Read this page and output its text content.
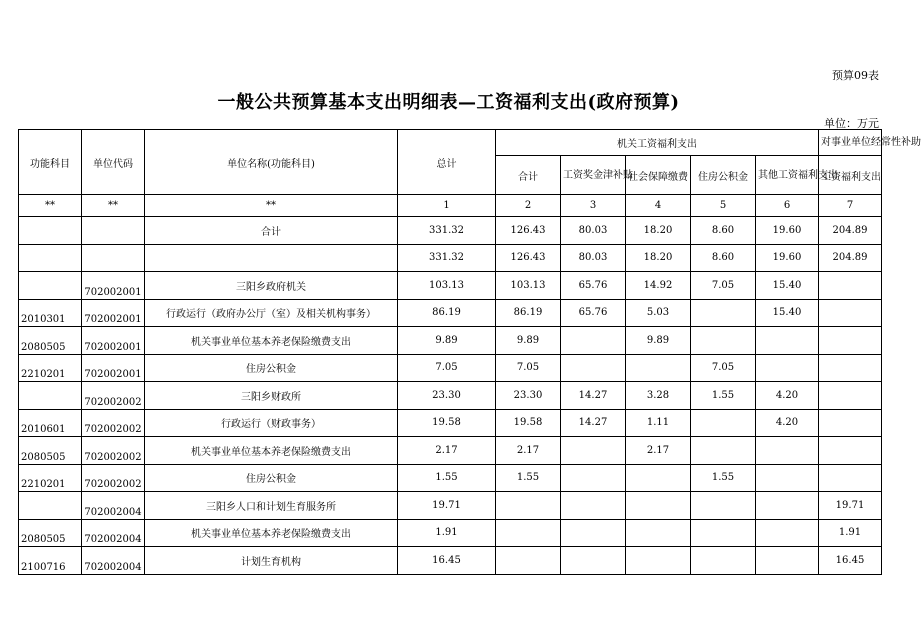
预算09表
一般公共预算基本支出明细表—工资福利支出(政府预算)
单位：万元
功能科目	单位代码	单位名称(功能科目)	总计	机关工资福利支出					对事业单位经常性补助
				合计	工资奖金津补贴	社会保障缴费	住房公积金	其他工资福利支出	工资福利支出
**	**	**	1	2	3	4	5	6	7
		合计	331.32	126.43	80.03	18.20	8.60	19.60	204.89
			331.32	126.43	80.03	18.20	8.60	19.60	204.89
	702002001	三阳乡政府机关	103.13	103.13	65.76	14.92	7.05	15.40	
2010301	702002001	行政运行（政府办公厅（室）及相关机构事务）	86.19	86.19	65.76	5.03		15.40	
2080505	702002001	机关事业单位基本养老保险缴费支出	9.89	9.89		9.89			
2210201	702002001	住房公积金	7.05	7.05			7.05		
	702002002	三阳乡财政所	23.30	23.30	14.27	3.28	1.55	4.20	
2010601	702002002	行政运行（财政事务）	19.58	19.58	14.27	1.11		4.20	
2080505	702002002	机关事业单位基本养老保险缴费支出	2.17	2.17		2.17			
2210201	702002002	住房公积金	1.55	1.55			1.55		
	702002004	三阳乡人口和计划生育服务所	19.71						19.71
2080505	702002004	机关事业单位基本养老保险缴费支出	1.91						1.91
2100716	702002004	计划生育机构	16.45						16.45
